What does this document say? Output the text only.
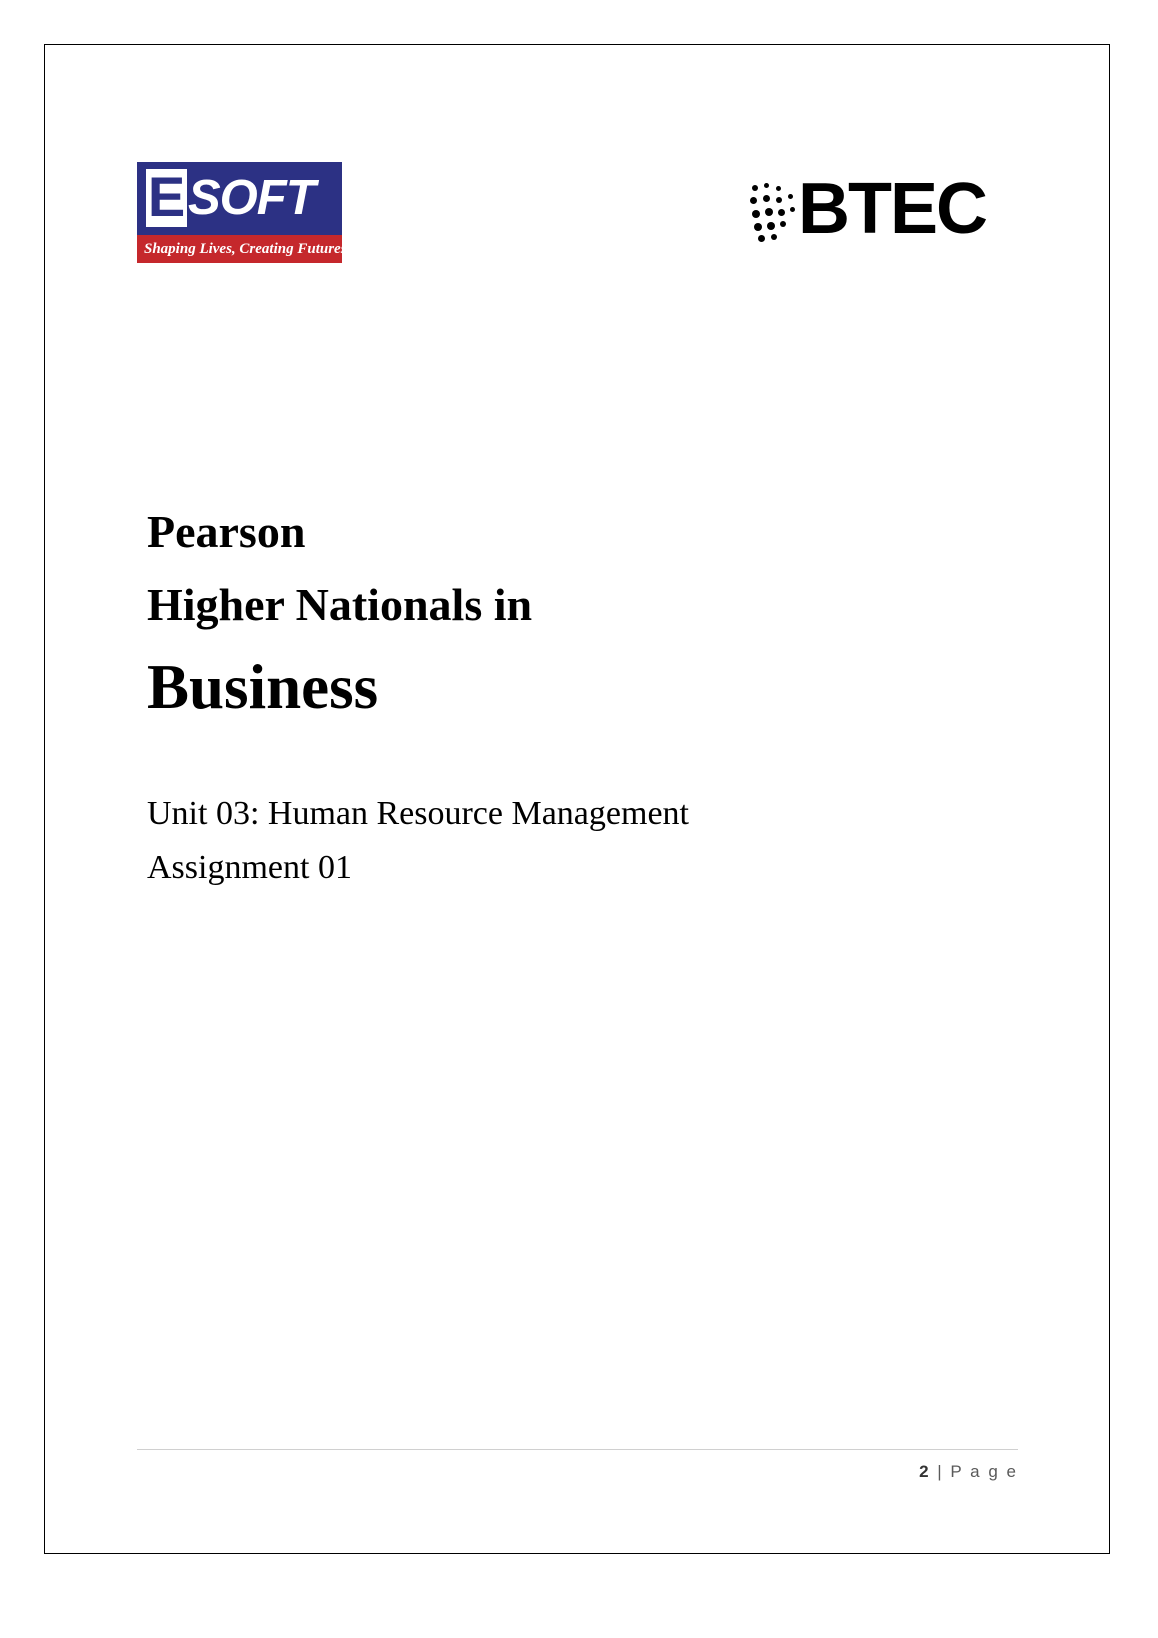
E SOFT
Shaping Lives, Creating Futures.	BTEC
Pearson
Higher Nationals in
Business
Unit 03: Human Resource Management
Assignment 01
2 | P a g e
